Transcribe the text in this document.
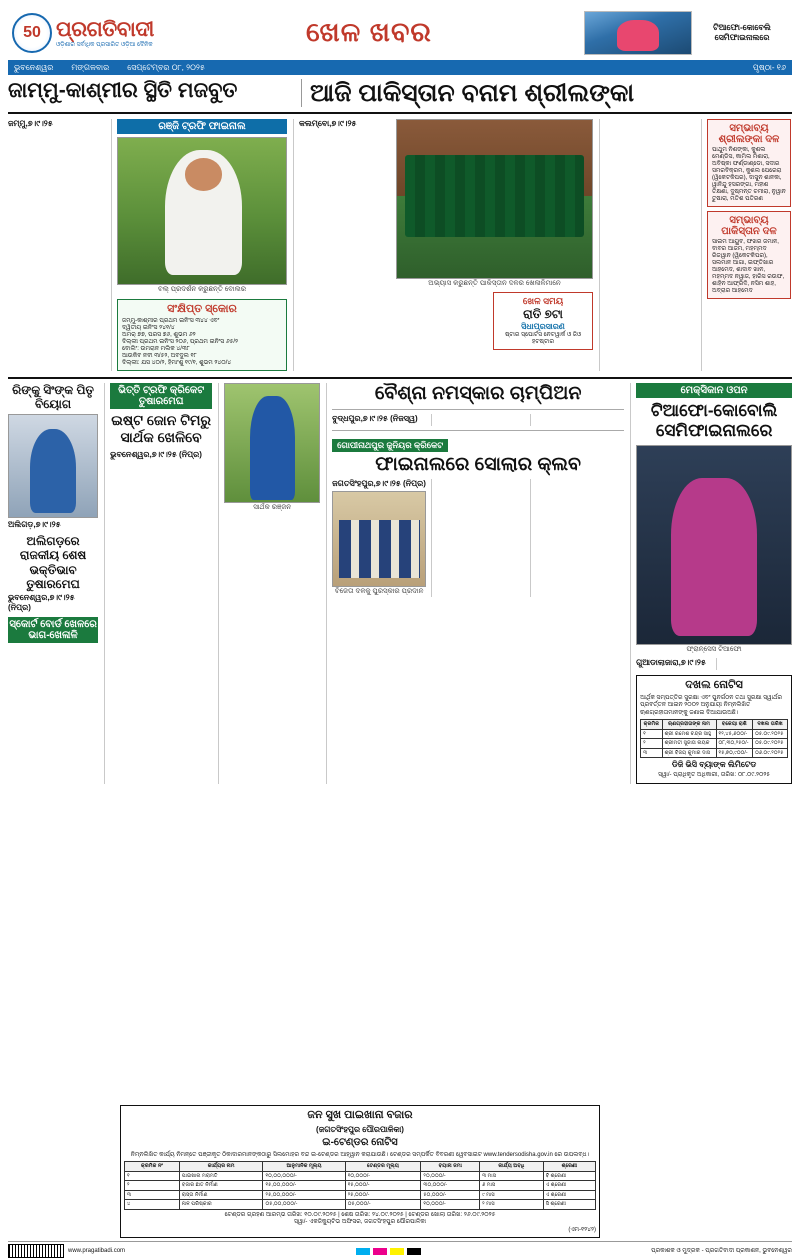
50 ପ୍ରଗତିବାଦୀ
ଓଡ଼ିଶାର ସର୍ବାଧିକ ପ୍ରସାରିତ ଓଡ଼ିଆ ଦୈନିକ	ଖେଳ ଖବର	ଟିଆଫୋ-କୋବେଲି ସେମିଫାଇନାଲରେ
ଭୁବନେଶ୍ୱର ମଙ୍ଗଳବାର ସେପ୍ଟେମ୍ବର ୦୮, ୨୦୨୫	ପୃଷ୍ଠା- ୧୬
ଜାମ୍ମୁ-କାଶ୍ମୀର ସ୍ଥିତି ମଜବୁତ	ଆଜି ପାକିସ୍ତାନ ବନାମ ଶ୍ରୀଲଙ୍କା
ଜମ୍ମୁ,୭।୯।୨୫	ରଞ୍ଜି ଟ୍ରଫି ଫାଇନାଲ
ବଲ୍ ପ୍ରଦର୍ଶନ କରୁଛନ୍ତି ବୋଲର
ସଂକ୍ଷିପ୍ତ ସ୍କୋର
ଜମ୍ମୁ-କାଶ୍ମୀର ପ୍ରଥମ ଇନିଂସ ୩୪୪ ଏବଂ
ଦ୍ୱିତୀୟ ଇନିଂସ ୨୪୧/୪
ଅମର୍ ୭୭, ପରସ ୭୬, ଶୁଭମ ୬୨
ଦିଲ୍ଲୀ ପ୍ରଥମ ଇନିଂସ ୨୦୬, ପ୍ରଥମ ଇନିଂସ ୬୫/୨
ବୋଲିଂ: ଉମରାନ ମଲିକ ୪/୩୮
ଆଉକିବ ନବୀ ୩/୫୨, ଅବଦୁଲ ୧୮
ଦିଲ୍ଲୀ: ଯସ ୪୦/୨, ହିମାଂଶୁ ୧୯/୧, ଶୁଭମ ୨୪୦/୪
କଲମ୍ବୋ,୭।୯।୨୫
ଅଭ୍ୟାସ କରୁଛନ୍ତି ପାକିସ୍ତାନ ଦଳର ଖେଳାଳିମାନେ
ଖେଳ ସମୟ
ରାତି ୭ଟା
ସିଧାପ୍ରସାରଣ
ଷ୍ଟାର ସ୍ପୋର୍ଟସ ନେଟୱାର୍କ ଓ ଜିଓ ହଟଷ୍ଟାର
ସମ୍ଭାବ୍ୟ ଶ୍ରୀଲଙ୍କା ଦଳ
ପାଥୁମ ନିଶଙ୍କା, କୁଶଲ ମେଣ୍ଡିସ, କାମିଲ ମିଶାରା, ଅବିଷ୍କା ଫର୍ଣ୍ଡାଣ୍ଡୋ, ସଦୀର ସମରବିକ୍ରମ, କୁଶଲ ପେରେରା (ୱିକେଟକିପର), ଦାସୁନ ଶାନକା, ୱାନିନ୍ଦୁ ହସରଙ୍ଗା, ମହୀଶ ତିକ୍ଷଣା, ଦୁଷ୍ମନ୍ତ ଚମୀରା, ନୁୱାନ ତୁଷାରା, ମତିଶ ପତିରଣ
ସମ୍ଭାବ୍ୟ ପାକିସ୍ତାନ ଦଳ
ସାଇମ ଆୟୁବ, ଫଖର ଜମାନ, ବାବର ଆଜମ, ମହମ୍ମଦ ରିଜୱାନ (ୱିକେଟକିପର), ସଲମାନ ଆଗା, ଇଫ୍ତିଖାର ଆହମେଦ, ଶାଦାବ ଖାନ, ମହମ୍ମଦ ନୱାଜ, ହାରିସ ରଉଫ, ଶାହିନ ଆଫ୍ରିଦି, ନସିମ ଶାହ, ଅବ୍ରାର ଆହମେଦ
ରିଙ୍କୁ ସିଂଙ୍କ ପିତୃ ବିୟୋଗ
ଅଲିଗଡ଼,୭।୯।୨୫
ଅଲିଗଡ଼ରେ ରାଜକୀୟ ଶେଷ ଭକ୍ତିଭାବ ତୁଷାରମେଘ
ଭୁବନେଶ୍ୱର,୭।୯।୨୫ (ନିପ୍ର)
ସ୍କୋର୍ଟ ବୋର୍ଡ ଖେଳରେ ଭାଗ-ଖେଳାଳି
ଭିତ୍ତି ଟ୍ରଫି କ୍ରିକେଟ ତୁଷାରମେଘ
ଇଷ୍ଟ ଜୋନ ଟିମରୁ ସାର୍ଥକ ଖେଳିବେ
ଭୁବନେଶ୍ୱର,୭।୯।୨୫ (ନିପ୍ର)
ସାର୍ଥକ ରଞ୍ଜନ
ବୈଶ୍ନା ନମସ୍କାର ଚାମ୍ପିଅନ
ବୁଦ୍ଧପୁର,୭।୯।୨୫ (ନିଜସ୍ୱ)
ଗୋପୀନାଥପୁର ଜୁନିୟର କ୍ରିକେଟ
ଫାଇନାଲରେ ସୋଲାର କ୍ଲବ
ଜଗତସିଂହପୁର,୭।୯।୨୫ (ନିପ୍ର)
ବିଜେତା ଦଳକୁ ପୁରସ୍କାର ପ୍ରଦାନ
ମେକ୍ସିକାନ ଓପନ
ଟିଆଫୋ-କୋବୋଲି ସେମିଫାଇନାଲରେ
ଫ୍ରାନ୍ସେସ ଟିଆଫୋ
ଗୁଆଡାଲାଜାରା,୭।୯।୨୫
ଦଖଲ ନୋଟିସ
ଆର୍ଥିକ ସମ୍ପତ୍ତିର ସୁରକ୍ଷା ଏବଂ ପୁନର୍ଗଠନ ତଥା ସୁରକ୍ଷା ସ୍ୱାର୍ଥର ପ୍ରବର୍ତ୍ତନ ଆଇନ ୨୦୦୨ ଅନୁଯାୟୀ ନିମ୍ନଲିଖିତ ଋଣଗ୍ରହୀତାମାନଙ୍କୁ ଜଣାଇ ଦିଆଯାଉଅଛି।
କ୍ରମିକ	ଋଣଗ୍ରହୀତାଙ୍କ ନାମ	ବକେୟା ରାଶି	ଦଖଲ ତାରିଖ
୧	ଶ୍ରୀ ରମେଶ ଚନ୍ଦ୍ର ସାହୁ	୧୨,୪୫,୬୦୦/-	୦୫.୦୯.୨୦୨୫
୨	ଶ୍ରୀମତୀ ସୁଜାତା ନାୟକ	୦୮,୩୦,୨୫୦/-	୦୫.୦୯.୨୦୨୫
୩	ଶ୍ରୀ ବିଜୟ କୁମାର ଦାସ	୧୫,୭୦,୯୦୦/-	୦୬.୦୯.୨୦୨୫
ଡିଜି ଭିସି ବ୍ୟାଙ୍କ ଲିମିଟେଡ
ସ୍ୱା/- ପ୍ରାଧିକୃତ ଅଧିକାରୀ, ତାରିଖ: ୦୮.୦୯.୨୦୨୫
ଜନ ସୁଖ ପାଇଖାନା ବଜାର
(ଜଗତସିଂହପୁର ପୌରପାଳିକା)
ଇ-ଟେଣ୍ଡର ନୋଟିସ
ନିମ୍ନଲିଖିତ କାର୍ଯ୍ୟ ନିମନ୍ତେ ପଞ୍ଜୀକୃତ ଠିକାଦାରମାନଙ୍କଠାରୁ ସିଲମୋହର ବନ୍ଦ ଇ-ଟେଣ୍ଡର ଆହ୍ୱାନ କରାଯାଉଛି। ଟେଣ୍ଡର ସମ୍ପର୍କିତ ବିବରଣୀ ୱେବସାଇଟ www.tendersodisha.gov.in ରେ ଉପଲବ୍ଧ।
କ୍ରମିକ ନଂ	କାର୍ଯ୍ୟର ନାମ	ଆନୁମାନିକ ମୂଲ୍ୟ	ଟେଣ୍ଡର ମୂଲ୍ୟ	ବୟାନା ଜମା	କାର୍ଯ୍ୟ ଅବଧି	ଶ୍ରେଣୀ
୧	ପାଇଖାନା ମରାମତି	୧୦,୦୦,୦୦୦/-	୧୦,୦୦୦/-	୨୦,୦୦୦/-	୩ ମାସ	ବି ଶ୍ରେଣୀ
୨	ବଜାର ଛାତ ନିର୍ମାଣ	୧୫,୦୦,୦୦୦/-	୧୫,୦୦୦/-	୩୦,୦୦୦/-	୬ ମାସ	ଏ ଶ୍ରେଣୀ
୩	ରାସ୍ତା ନିର୍ମାଣ	୨୫,୦୦,୦୦୦/-	୨୫,୦୦୦/-	୫୦,୦୦୦/-	୯ ମାସ	ଏ ଶ୍ରେଣୀ
୪	ନାଳ ପରିଷ୍କାର	୦୫,୦୦,୦୦୦/-	୦୫,୦୦୦/-	୧୦,୦୦୦/-	୨ ମାସ	ସି ଶ୍ରେଣୀ
ଟେଣ୍ଡର ଗ୍ରହଣ ଆରମ୍ଭ ତାରିଖ: ୧୦.୦୯.୨୦୨୫ | ଶେଷ ତାରିଖ: ୨୪.୦୯.୨୦୨୫ | ଟେଣ୍ଡର ଖୋଲା ତାରିଖ: ୨୬.୦୯.୨୦୨୫
ସ୍ୱା/- ଏକଜିକ୍ୟୁଟିଭ ଅଫିସର, ଜଗତସିଂହପୁର ପୌରପାଳିକା
(ଏମ-୧୨୪୨)
www.pragatibadi.com	ପ୍ରକାଶକ ଓ ମୁଦ୍ରକ - ପ୍ରଗତିବାଦୀ ପ୍ରକାଶନ, ଭୁବନେଶ୍ୱର
